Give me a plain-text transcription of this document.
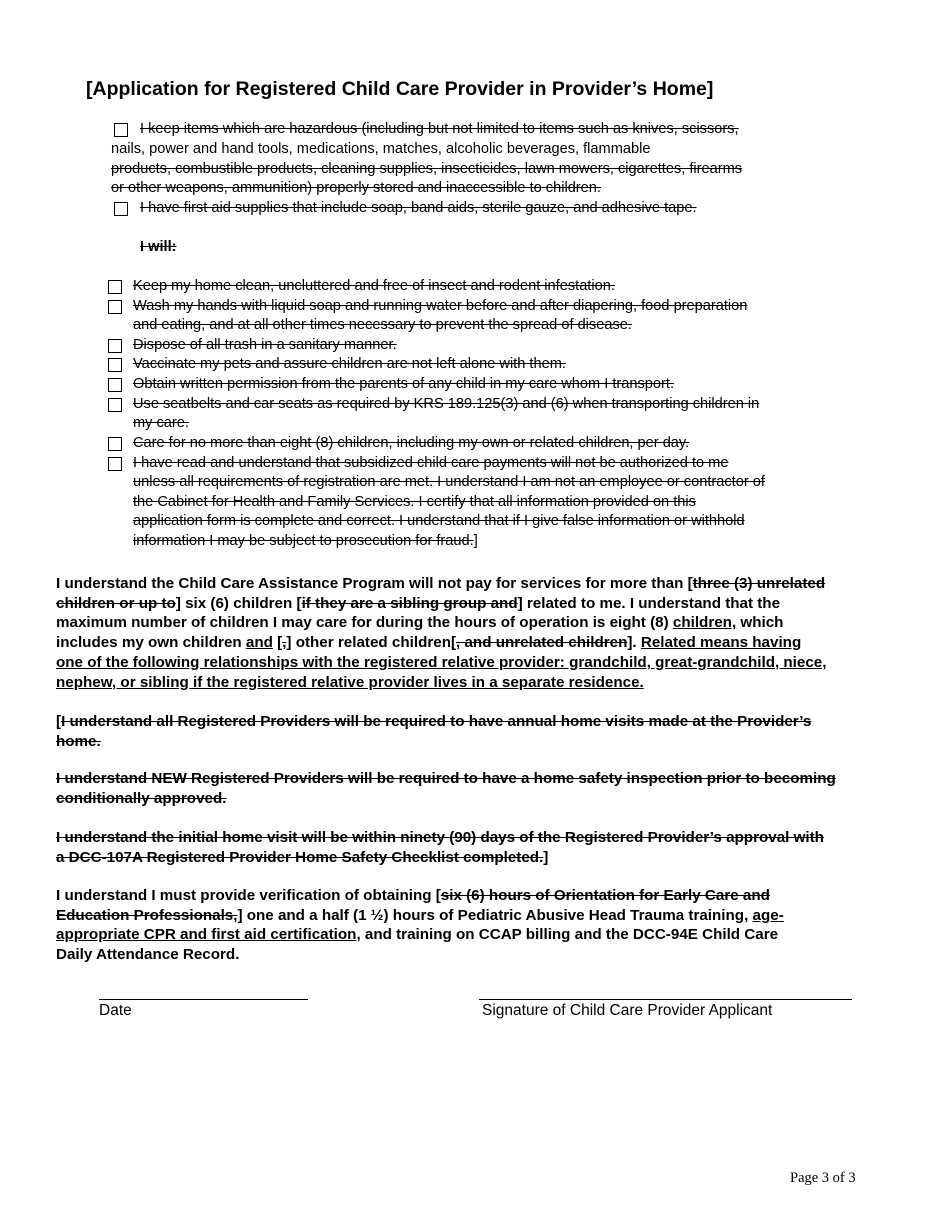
[Application for Registered Child Care Provider in Provider’s Home]
I keep items which are hazardous (including but not limited to items such as knives, scissors,
nails, power and hand tools, medications, matches, alcoholic beverages, flammable
products, combustible products, cleaning supplies, insecticides, lawn mowers, cigarettes, firearms
or other weapons, ammunition) properly stored and inaccessible to children.
I have first aid supplies that include soap, band aids, sterile gauze, and adhesive tape.
I will:
Keep my home clean, uncluttered and free of insect and rodent infestation.
Wash my hands with liquid soap and running water before and after diapering, food preparation
and eating, and at all other times necessary to prevent the spread of disease.
Dispose of all trash in a sanitary manner.
Vaccinate my pets and assure children are not left alone with them.
Obtain written permission from the parents of any child in my care whom I transport.
Use seatbelts and car seats as required by KRS 189.125(3) and (6) when transporting children in
my care.
Care for no more than eight (8) children, including my own or related children, per day.
I have read and understand that subsidized child care payments will not be authorized to me
unless all requirements of registration are met. I understand I am not an employee or contractor of
the Cabinet for Health and Family Services. I certify that all information provided on this
application form is complete and correct. I understand that if I give false information or withhold
information I may be subject to prosecution for fraud.]
I understand the Child Care Assistance Program will not pay for services for more than [three (3) unrelated
children or up to] six (6) children [if they are a sibling group and] related to me. I understand that the
maximum number of children I may care for during the hours of operation is eight (8) children, which
includes my own children and [,] other related children[, and unrelated children]. Related means having
one of the following relationships with the registered relative provider: grandchild, great-grandchild, niece,
nephew, or sibling if the registered relative provider lives in a separate residence.
[I understand all Registered Providers will be required to have annual home visits made at the Provider’s
home.
I understand NEW Registered Providers will be required to have a home safety inspection prior to becoming
conditionally approved.
I understand the initial home visit will be within ninety (90) days of the Registered Provider’s approval with
a DCC-107A Registered Provider Home Safety Checklist completed.]
I understand I must provide verification of obtaining [six (6) hours of Orientation for Early Care and
Education Professionals,] one and a half (1 ½) hours of Pediatric Abusive Head Trauma training, age-
appropriate CPR and first aid certification, and training on CCAP billing and the DCC-94E Child Care
Daily Attendance Record.
Date	Signature of Child Care Provider Applicant
Page 3 of 3
